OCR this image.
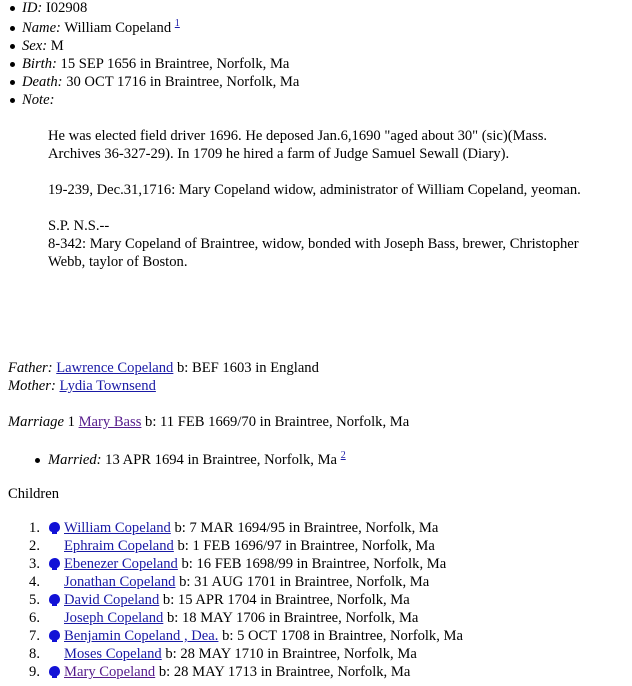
ID: I02908
Name: William Copeland $^1$
Sex: M
Birth: 15 SEP 1656 in Braintree, Norfolk, Ma
Death: 30 OCT 1716 in Braintree, Norfolk, Ma
Note:
He was elected field driver 1696. He deposed Jan.6,1690 "aged about 30" (sic)(Mass.
Archives 36-327-29). In 1709 he hired a farm of Judge Samuel Sewall (Diary).
19-239, Dec.31,1716: Mary Copeland widow, administrator of William Copeland, yeoman.
S.P. N.S.--
8-342: Mary Copeland of Braintree, widow, bonded with Joseph Bass, brewer, Christopher
Webb, taylor of Boston.
Father: Lawrence Copeland b: BEF 1603 in England
Mother: Lydia Townsend
Marriage 1 Mary Bass b: 11 FEB 1669/70 in Braintree, Norfolk, Ma
Married: 13 APR 1694 in Braintree, Norfolk, Ma $^2$
Children
1. William Copeland b: 7 MAR 1694/95 in Braintree, Norfolk, Ma
2. Ephraim Copeland b: 1 FEB 1696/97 in Braintree, Norfolk, Ma
3. Ebenezer Copeland b: 16 FEB 1698/99 in Braintree, Norfolk, Ma
4. Jonathan Copeland b: 31 AUG 1701 in Braintree, Norfolk, Ma
5. David Copeland b: 15 APR 1704 in Braintree, Norfolk, Ma
6. Joseph Copeland b: 18 MAY 1706 in Braintree, Norfolk, Ma
7. Benjamin Copeland , Dea. b: 5 OCT 1708 in Braintree, Norfolk, Ma
8. Moses Copeland b: 28 MAY 1710 in Braintree, Norfolk, Ma
9. Mary Copeland b: 28 MAY 1713 in Braintree, Norfolk, Ma
